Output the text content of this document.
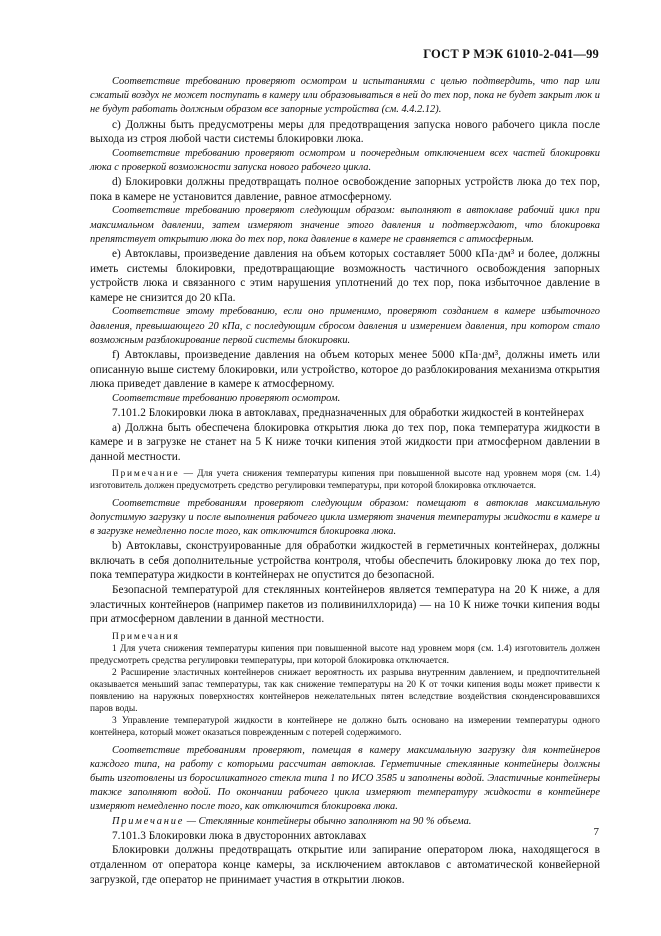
ГОСТ Р МЭК 61010-2-041—99

Соответствие требованию проверяют осмотром и испытаниями с целью подтвердить, что пар или сжатый воздух не может поступать в камеру или образовываться в ней до тех пор, пока не будет закрыт люк и не будут работать должным образом все запорные устройства (см. 4.4.2.12).

с) Должны быть предусмотрены меры для предотвращения запуска нового рабочего цикла после выхода из строя любой части системы блокировки люка.

Соответствие требованию проверяют осмотром и поочередным отключением всех частей блокировки люка с проверкой возможности запуска нового рабочего цикла.

d) Блокировки должны предотвращать полное освобождение запорных устройств люка до тех пор, пока в камере не установится давление, равное атмосферному.

Соответствие требованию проверяют следующим образом: выполняют в автоклаве рабочий цикл при максимальном давлении, затем измеряют значение этого давления и подтверждают, что блокировка препятствует открытию люка до тех пор, пока давление в камере не сравняется с атмосферным.

е) Автоклавы, произведение давления на объем которых составляет 5000 кПа·дм³ и более, должны иметь системы блокировки, предотвращающие возможность частичного освобождения запорных устройств люка и связанного с этим нарушения уплотнений до тех пор, пока избыточное давление в камере не снизится до 20 кПа.

Соответствие этому требованию, если оно применимо, проверяют созданием в камере избыточного давления, превышающего 20 кПа, с последующим сбросом давления и измерением давления, при котором стало возможным разблокирование первой системы блокировки.

f) Автоклавы, произведение давления на объем которых менее 5000 кПа·дм³, должны иметь или описанную выше систему блокировки, или устройство, которое до разблокирования механизма открытия люка приведет давление в камере к атмосферному.

Соответствие требованию проверяют осмотром.

7.101.2 Блокировки люка в автоклавах, предназначенных для обработки жидкостей в контейнерах

а) Должна быть обеспечена блокировка открытия люка до тех пор, пока температура жидкости в камере и в загрузке не станет на 5 К ниже точки кипения этой жидкости при атмосферном давлении в данной местности.

Примечание — Для учета снижения температуры кипения при повышенной высоте над уровнем моря (см. 1.4) изготовитель должен предусмотреть средство регулировки температуры, при которой блокировка отключается.

Соответствие требованиям проверяют следующим образом: помещают в автоклав максимальную допустимую загрузку и после выполнения рабочего цикла измеряют значения температуры жидкости в камере и в загрузке немедленно после того, как отключится блокировка люка.

b) Автоклавы, сконструированные для обработки жидкостей в герметичных контейнерах, должны включать в себя дополнительные устройства контроля, чтобы обеспечить блокировку люка до тех пор, пока температура жидкости в контейнерах не опустится до безопасной.

Безопасной температурой для стеклянных контейнеров является температура на 20 К ниже, а для эластичных контейнеров (например пакетов из поливинилхлорида) — на 10 К ниже точки кипения воды при атмосферном давлении в данной местности.

Примечания

1 Для учета снижения температуры кипения при повышенной высоте над уровнем моря (см. 1.4) изготовитель должен предусмотреть средства регулировки температуры, при которой блокировка отключается.

2 Расширение эластичных контейнеров снижает вероятность их разрыва внутренним давлением, и предпочтительней оказывается меньший запас температуры, так как снижение температуры на 20 К от точки кипения воды может привести к появлению на наружных поверхностях контейнеров нежелательных пятен вследствие воздействия сконденсировавшихся паров воды.

3 Управление температурой жидкости в контейнере не должно быть основано на измерении температуры одного контейнера, который может оказаться поврежденным с потерей содержимого.

Соответствие требованиям проверяют, помещая в камеру максимальную загрузку для контейнеров каждого типа, на работу с которыми рассчитан автоклав. Герметичные стеклянные контейнеры должны быть изготовлены из боросиликатного стекла типа 1 по ИСО 3585 и заполнены водой. Эластичные контейнеры также заполняют водой. По окончании рабочего цикла измеряют температуру жидкости в контейнере измеряют немедленно после того, как отключится блокировка люка.

Примечание — Стеклянные контейнеры обычно заполняют на 90 % объема.

7.101.3 Блокировки люка в двусторонних автоклавах

Блокировки должны предотвращать открытие или запирание оператором люка, находящегося в отдаленном от оператора конце камеры, за исключением автоклавов с автоматической конвейерной загрузкой, где оператор не принимает участия в открытии люков.

7
